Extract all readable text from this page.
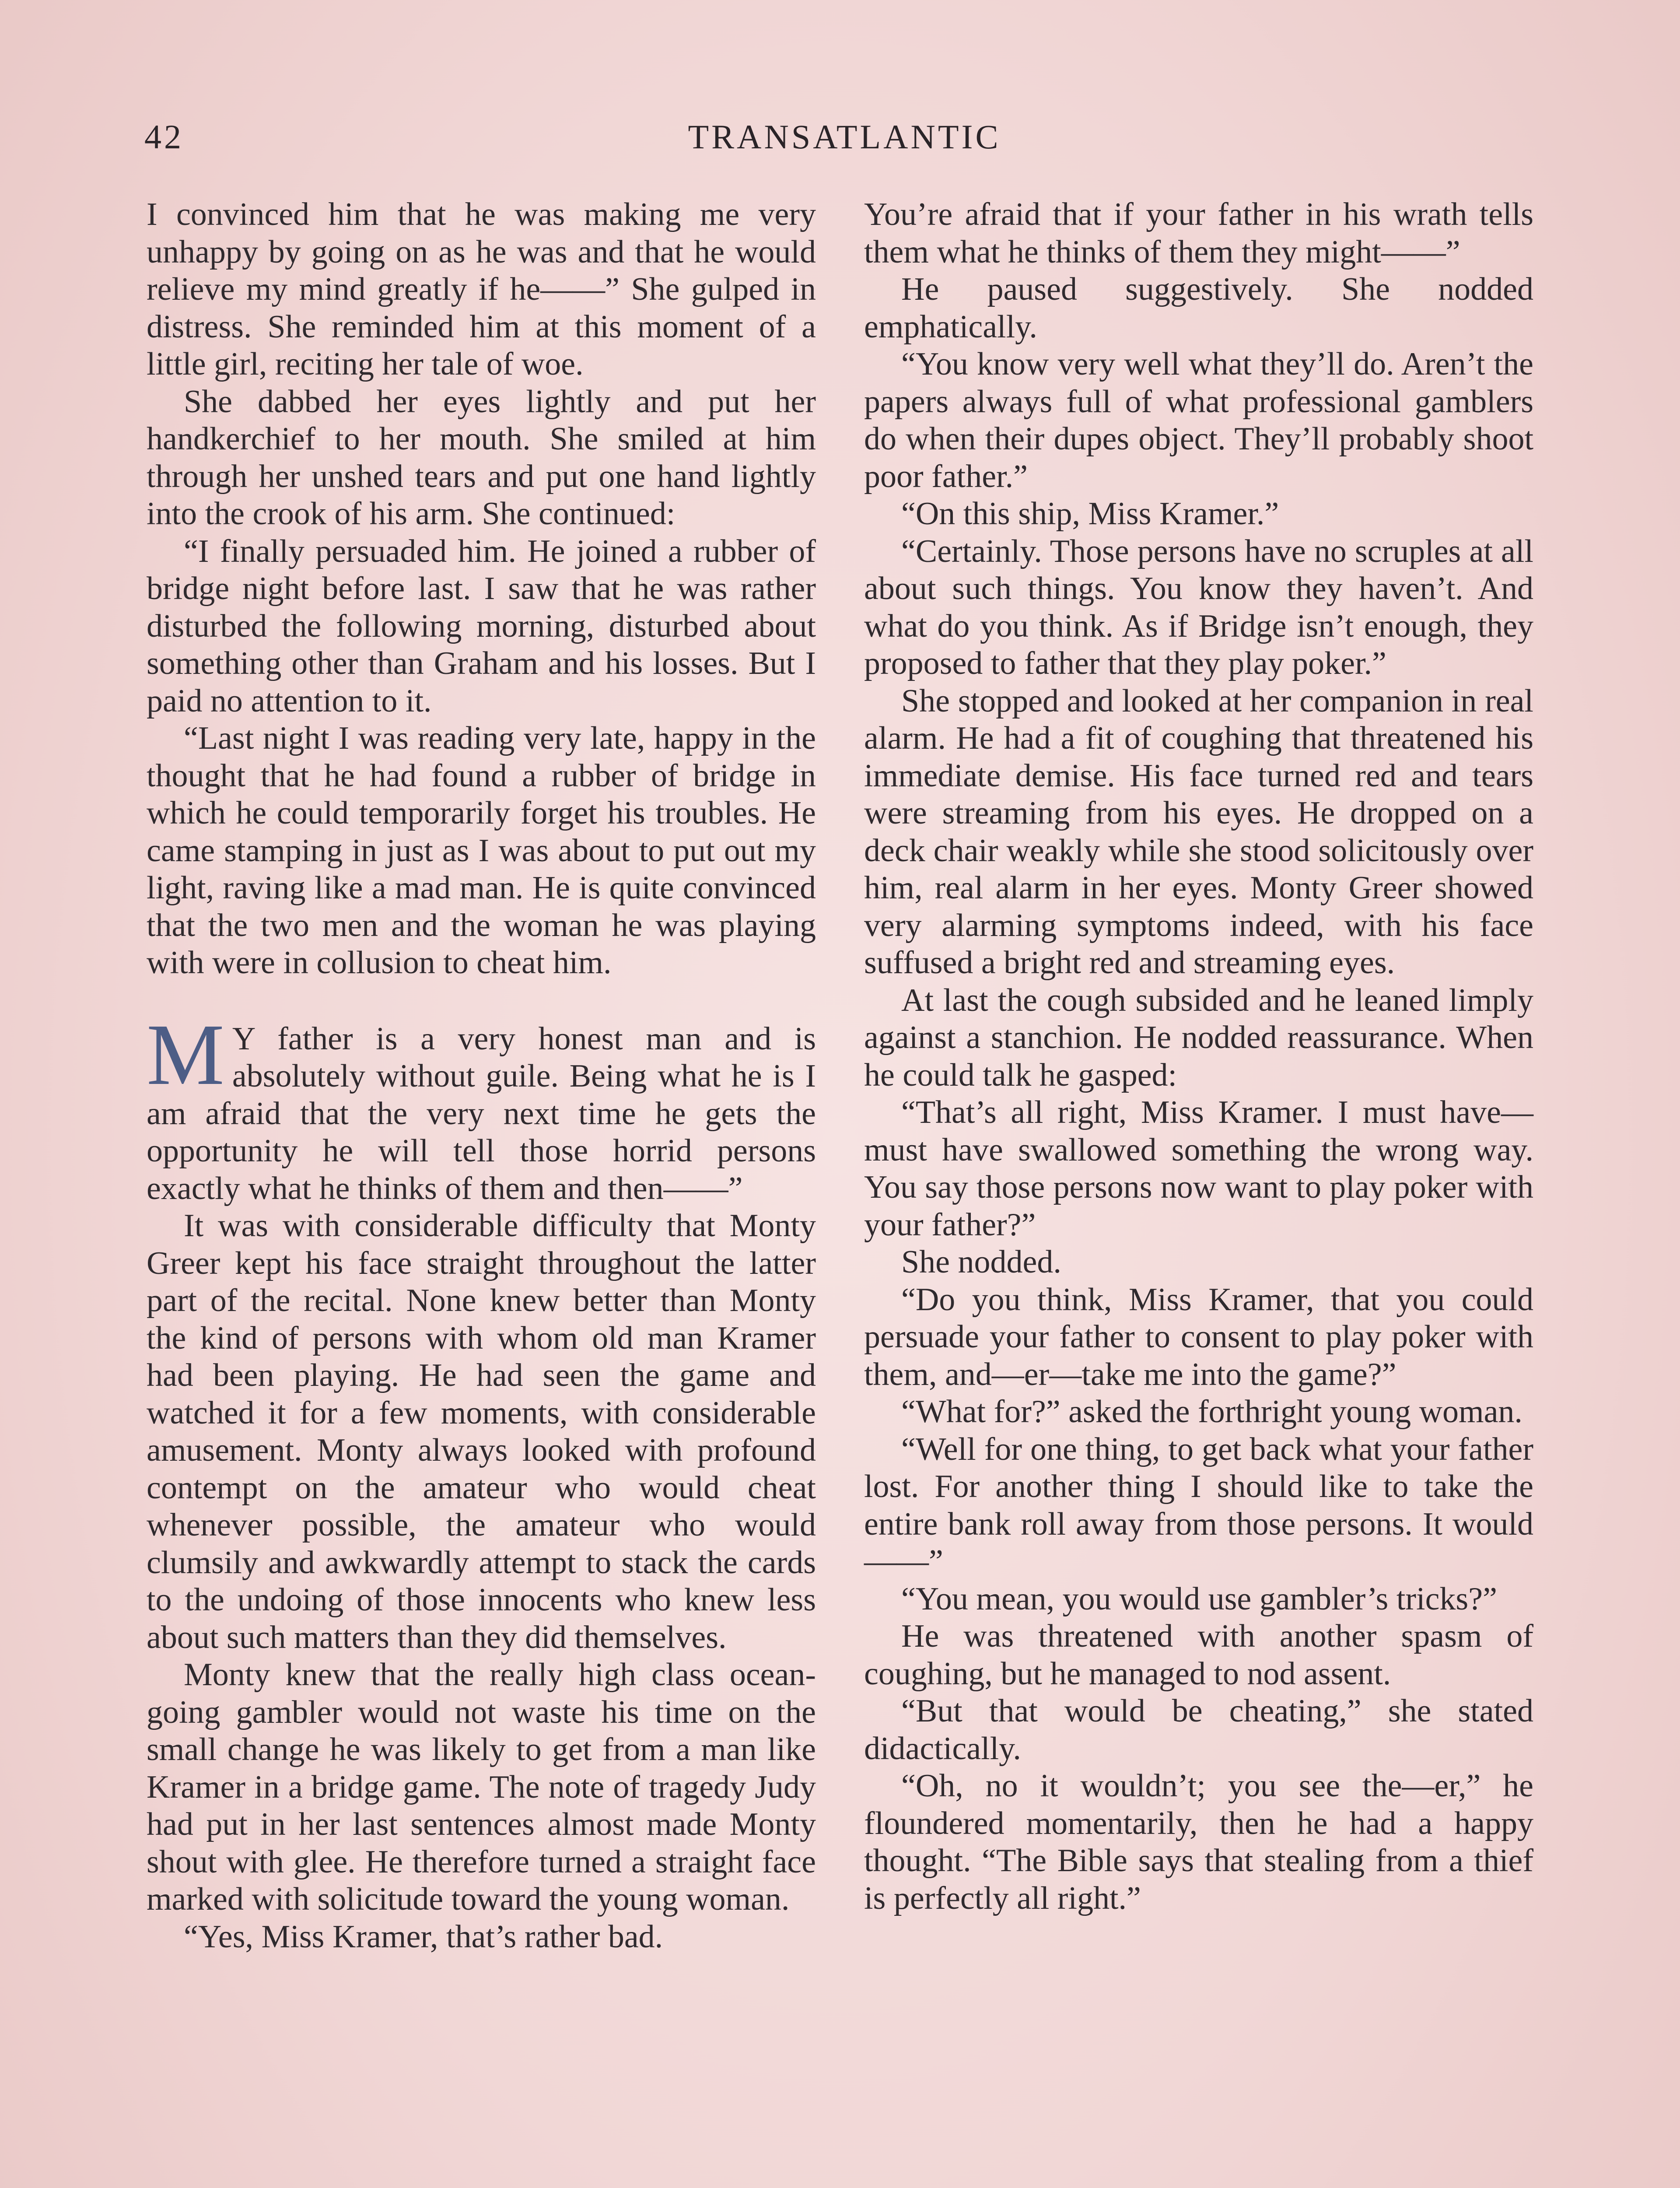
42	TRANSATLANTIC

I convinced him that he was making me very unhappy by going on as he was and that he would relieve my mind greatly if he——” She gulped in distress. She reminded him at this moment of a little girl, reciting her tale of woe.

She dabbed her eyes lightly and put her handkerchief to her mouth. She smiled at him through her unshed tears and put one hand lightly into the crook of his arm. She continued:

“I finally persuaded him. He joined a rubber of bridge night before last. I saw that he was rather disturbed the following morning, disturbed about something other than Graham and his losses. But I paid no attention to it.

“Last night I was reading very late, happy in the thought that he had found a rubber of bridge in which he could temporarily forget his troubles. He came stamping in just as I was about to put out my light, raving like a mad man. He is quite convinced that the two men and the woman he was playing with were in collusion to cheat him.

M Y father is a very honest man and is absolutely without guile. Being what he is I am afraid that the very next time he gets the opportunity he will tell those horrid persons exactly what he thinks of them and then——”

It was with considerable difficulty that Monty Greer kept his face straight throughout the latter part of the recital. None knew better than Monty the kind of persons with whom old man Kramer had been playing. He had seen the game and watched it for a few moments, with considerable amusement. Monty always looked with profound contempt on the amateur who would cheat whenever possible, the amateur who would clumsily and awkwardly attempt to stack the cards to the undoing of those innocents who knew less about such matters than they did themselves.

Monty knew that the really high class ocean-going gambler would not waste his time on the small change he was likely to get from a man like Kramer in a bridge game. The note of tragedy Judy had put in her last sentences almost made Monty shout with glee. He therefore turned a straight face marked with solicitude toward the young woman.

“Yes, Miss Kramer, that’s rather bad.

You’re afraid that if your father in his wrath tells them what he thinks of them they might——”

He paused suggestively. She nodded emphatically.

“You know very well what they’ll do. Aren’t the papers always full of what professional gamblers do when their dupes object. They’ll probably shoot poor father.”

“On this ship, Miss Kramer.”

“Certainly. Those persons have no scruples at all about such things. You know they haven’t. And what do you think. As if Bridge isn’t enough, they proposed to father that they play poker.”

She stopped and looked at her companion in real alarm. He had a fit of coughing that threatened his immediate demise. His face turned red and tears were streaming from his eyes. He dropped on a deck chair weakly while she stood solicitously over him, real alarm in her eyes. Monty Greer showed very alarming symptoms indeed, with his face suffused a bright red and streaming eyes.

At last the cough subsided and he leaned limply against a stanchion. He nodded reassurance. When he could talk he gasped:

“That’s all right, Miss Kramer. I must have—must have swallowed something the wrong way. You say those persons now want to play poker with your father?”

She nodded.

“Do you think, Miss Kramer, that you could persuade your father to consent to play poker with them, and—er—take me into the game?”

“What for?” asked the forthright young woman.

“Well for one thing, to get back what your father lost. For another thing I should like to take the entire bank roll away from those persons. It would——”

“You mean, you would use gambler’s tricks?”

He was threatened with another spasm of coughing, but he managed to nod assent.

“But that would be cheating,” she stated didactically.

“Oh, no it wouldn’t; you see the—er,” he floundered momentarily, then he had a happy thought. “The Bible says that stealing from a thief is perfectly all right.”
